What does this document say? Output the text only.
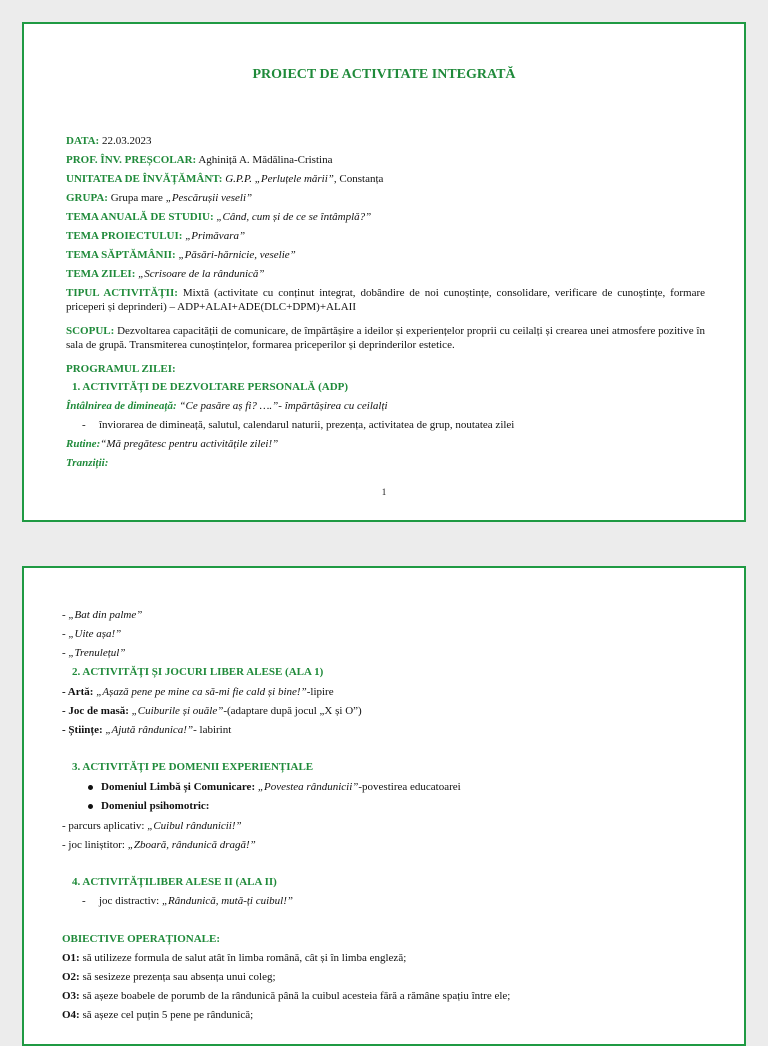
PROIECT DE ACTIVITATE INTEGRATĂ
DATA: 22.03.2023
PROF. ÎNV. PREȘCOLAR: Aghiniță A. Mădălina-Cristina
UNITATEA DE ÎNVĂȚĂMÂNT: G.P.P. „Perluțele mării”, Constanța
GRUPA: Grupa mare „Pescărușii veseli”
TEMA ANUALĂ DE STUDIU: „Când, cum și de ce se întâmplă?”
TEMA PROIECTULUI: „Primăvara”
TEMA SĂPTĂMÂNII: „Păsări-hărnicie, veselie”
TEMA ZILEI: „Scrisoare de la rândunică”
TIPUL ACTIVITĂȚII: Mixtă (activitate cu conținut integrat, dobândire de noi cunoștințe, consolidare, verificare de cunoștințe, formare priceperi și deprinderi) – ADP+ALAI+ADE(DLC+DPM)+ALAII
SCOPUL: Dezvoltarea capacității de comunicare, de împărtășire a ideilor și experiențelor proprii cu ceilalți și crearea unei atmosfere pozitive în sala de grupă. Transmiterea cunoștințelor, formarea priceperilor și deprinderilor estetice.
PROGRAMUL ZILEI:
1. ACTIVITĂȚI DE DEZVOLTARE PERSONALĂ (ADP)
Întâlnirea de dimineață: “Ce pasăre aș fi? ….”- împărtășirea cu ceilalți
- înviorarea de dimineață, salutul, calendarul naturii, prezența, activitatea de grup, noutatea zilei
Rutine:“Mă pregătesc pentru activitățile zilei!”
Tranziții:
1
- „Bat din palme”
- „Uite așa!”
- „Trenulețul”
2. ACTIVITĂȚI ȘI JOCURI LIBER ALESE (ALA 1)
- Artă: „Așază pene pe mine ca să-mi fie cald și bine!”-lipire
- Joc de masă: „Cuiburile și ouăle”-(adaptare după jocul „X și O”)
- Științe: „Ajută rândunica!”- labirint
3. ACTIVITĂȚI PE DOMENII EXPERIENȚIALE
Domeniul Limbă și Comunicare: „Povestea rândunicii”-povestirea educatoarei
Domeniul psihomotric:
- parcurs aplicativ: „Cuibul rândunicii!”
- joc liniștitor: „Zboară, rândunică dragă!”
4. ACTIVITĂȚILIBER ALESE II (ALA II)
- joc distractiv: „Rândunică, mută-ți cuibul!”
OBIECTIVE OPERAȚIONALE:
O1: să utilizeze formula de salut atât în limba română, cât și în limba engleză;
O2: să sesizeze prezența sau absența unui coleg;
O3: să așeze boabele de porumb de la rândunică până la cuibul acesteia fără a rămâne spațiu între ele;
O4: să așeze cel puțin 5 pene pe rândunică;
